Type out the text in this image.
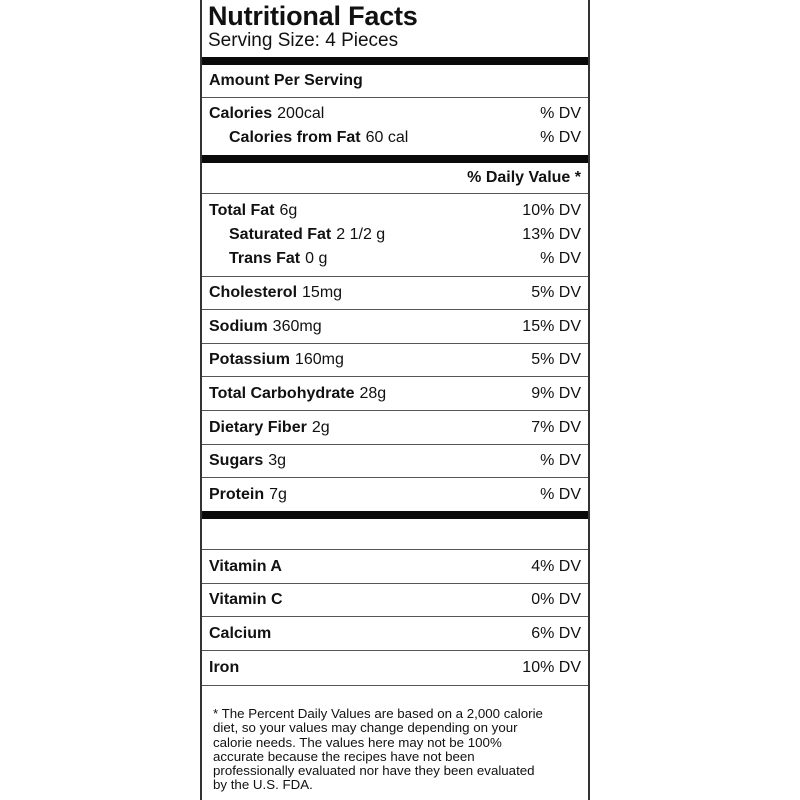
Nutritional Facts
Serving Size: 4 Pieces
Amount Per Serving
Calories 200cal	% DV
Calories from Fat 60 cal	% DV
% Daily Value *
Total Fat 6g	10% DV
Saturated Fat 2 1/2 g	13% DV
Trans Fat 0 g	% DV
Cholesterol 15mg	5% DV
Sodium 360mg	15% DV
Potassium 160mg	5% DV
Total Carbohydrate 28g	9% DV
Dietary Fiber 2g	7% DV
Sugars 3g	% DV
Protein 7g	% DV
Vitamin A	4% DV
Vitamin C	0% DV
Calcium	6% DV
Iron	10% DV
* The Percent Daily Values are based on a 2,000 calorie
diet, so your values may change depending on your
calorie needs. The values here may not be 100%
accurate because the recipes have not been
professionally evaluated nor have they been evaluated
by the U.S. FDA.
